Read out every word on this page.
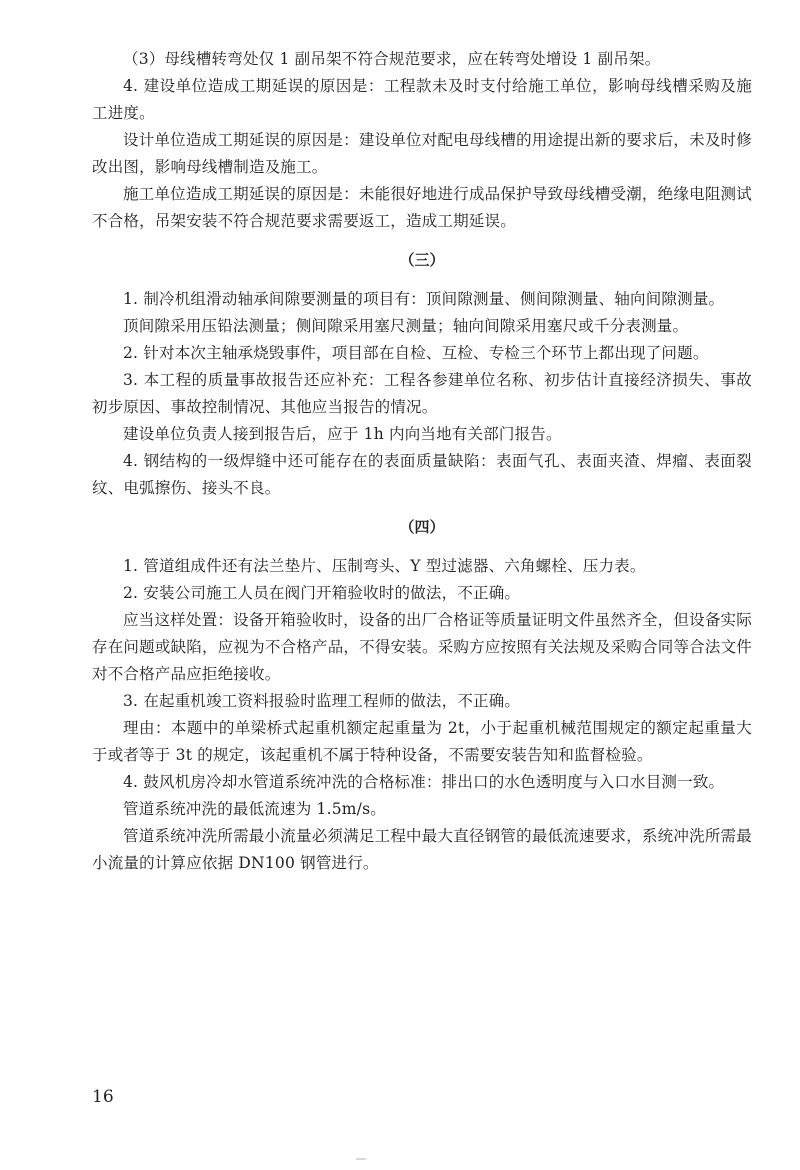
（3）母线槽转弯处仅 1 副吊架不符合规范要求，应在转弯处增设 1 副吊架。

4. 建设单位造成工期延误的原因是：工程款未及时支付给施工单位，影响母线槽采购及施工进度。

设计单位造成工期延误的原因是：建设单位对配电母线槽的用途提出新的要求后，未及时修改出图，影响母线槽制造及施工。

施工单位造成工期延误的原因是：未能很好地进行成品保护导致母线槽受潮，绝缘电阻测试不合格，吊架安装不符合规范要求需要返工，造成工期延误。

（三）

1. 制冷机组滑动轴承间隙要测量的项目有：顶间隙测量、侧间隙测量、轴向间隙测量。

顶间隙采用压铅法测量；侧间隙采用塞尺测量；轴向间隙采用塞尺或千分表测量。

2. 针对本次主轴承烧毁事件，项目部在自检、互检、专检三个环节上都出现了问题。

3. 本工程的质量事故报告还应补充：工程各参建单位名称、初步估计直接经济损失、事故初步原因、事故控制情况、其他应当报告的情况。

建设单位负责人接到报告后，应于 1h 内向当地有关部门报告。

4. 钢结构的一级焊缝中还可能存在的表面质量缺陷：表面气孔、表面夹渣、焊瘤、表面裂纹、电弧擦伤、接头不良。

（四）

1. 管道组成件还有法兰垫片、压制弯头、Y 型过滤器、六角螺栓、压力表。

2. 安装公司施工人员在阀门开箱验收时的做法，不正确。

应当这样处置：设备开箱验收时，设备的出厂合格证等质量证明文件虽然齐全，但设备实际存在问题或缺陷，应视为不合格产品，不得安装。采购方应按照有关法规及采购合同等合法文件对不合格产品应拒绝接收。

3. 在起重机竣工资料报验时监理工程师的做法，不正确。

理由：本题中的单梁桥式起重机额定起重量为 2t，小于起重机械范围规定的额定起重量大于或者等于 3t 的规定，该起重机不属于特种设备，不需要安装告知和监督检验。

4. 鼓风机房冷却水管道系统冲洗的合格标准：排出口的水色透明度与入口水目测一致。

管道系统冲洗的最低流速为 1.5m/s。

管道系统冲洗所需最小流量必须满足工程中最大直径钢管的最低流速要求，系统冲洗所需最小流量的计算应依据 DN100 钢管进行。

16
